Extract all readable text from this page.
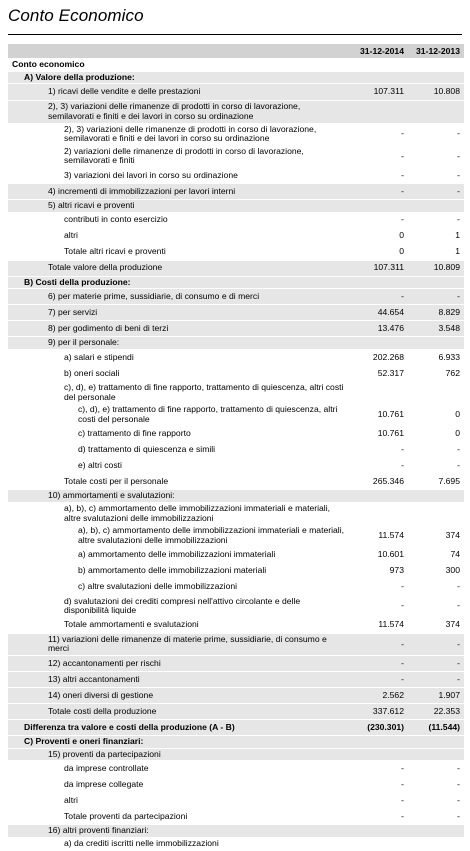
Conto Economico
	31-12-2014	31-12-2013
Conto economico		
A) Valore della produzione:		
1) ricavi delle vendite e delle prestazioni	107.311	10.808
2), 3) variazioni delle rimanenze di prodotti in corso di lavorazione, semilavorati e finiti e dei lavori in corso su ordinazione		
2), 3) variazioni delle rimanenze di prodotti in corso di lavorazione, semilavorati e finiti e dei lavori in corso su ordinazione	-	-
2) variazioni delle rimanenze di prodotti in corso di lavorazione, semilavorati e finiti	-	-
3) variazioni dei lavori in corso su ordinazione	-	-
4) incrementi di immobilizzazioni per lavori interni	-	-
5) altri ricavi e proventi		
contributi in conto esercizio	-	-
altri	0	1
Totale altri ricavi e proventi	0	1
Totale valore della produzione	107.311	10.809
B) Costi della produzione:		
6) per materie prime, sussidiarie, di consumo e di merci	-	-
7) per servizi	44.654	8.829
8) per godimento di beni di terzi	13.476	3.548
9) per il personale:		
a) salari e stipendi	202.268	6.933
b) oneri sociali	52.317	762
c), d), e) trattamento di fine rapporto, trattamento di quiescenza, altri costi del personale		
c), d), e) trattamento di fine rapporto, trattamento di quiescenza, altri costi del personale	10.761	0
c) trattamento di fine rapporto	10.761	0
d) trattamento di quiescenza e simili	-	-
e) altri costi	-	-
Totale costi per il personale	265.346	7.695
10) ammortamenti e svalutazioni:		
a), b), c) ammortamento delle immobilizzazioni immateriali e materiali, altre svalutazioni delle immobilizzazioni		
a), b), c) ammortamento delle immobilizzazioni immateriali e materiali, altre svalutazioni delle immobilizzazioni	11.574	374
a) ammortamento delle immobilizzazioni immateriali	10.601	74
b) ammortamento delle immobilizzazioni materiali	973	300
c) altre svalutazioni delle immobilizzazioni	-	-
d) svalutazioni dei crediti compresi nell'attivo circolante e delle disponibilità liquide	-	-
Totale ammortamenti e svalutazioni	11.574	374
11) variazioni delle rimanenze di materie prime, sussidiarie, di consumo e merci	-	-
12) accantonamenti per rischi	-	-
13) altri accantonamenti	-	-
14) oneri diversi di gestione	2.562	1.907
Totale costi della produzione	337.612	22.353
Differenza tra valore e costi della produzione (A - B)	(230.301)	(11.544)
C) Proventi e oneri finanziari:		
15) proventi da partecipazioni		
da imprese controllate	-	-
da imprese collegate	-	-
altri	-	-
Totale proventi da partecipazioni	-	-
16) altri proventi finanziari:		
a) da crediti iscritti nelle immobilizzazioni		
